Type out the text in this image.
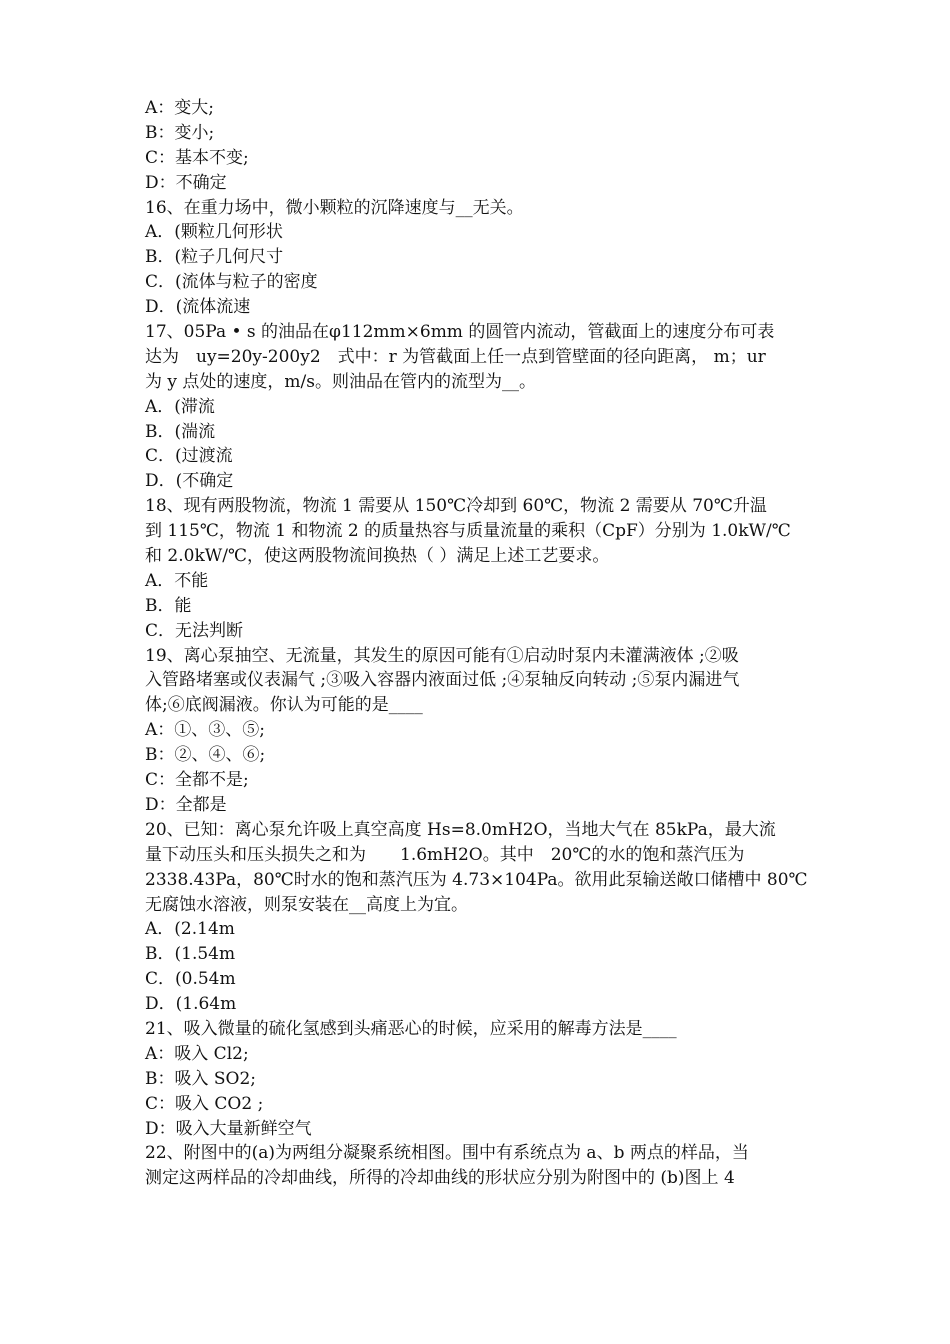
A：变大;
B：变小;
C：基本不变;
D：不确定
16、在重力场中，微小颗粒的沉降速度与__无关。
A．(颗粒几何形状
B．(粒子几何尺寸
C．(流体与粒子的密度
D．(流体流速
17、05Pa • s 的油品在φ112mm×6mm 的圆管内流动，管截面上的速度分布可表
达为　uy=20y-200y2　式中：r 为管截面上任一点到管壁面的径向距离， m；ur
为 y 点处的速度，m/s。则油品在管内的流型为__。
A．(滞流
B．(湍流
C．(过渡流
D．(不确定
18、现有两股物流，物流 1 需要从 150℃冷却到 60℃，物流 2 需要从 70℃升温
到 115℃，物流 1 和物流 2 的质量热容与质量流量的乘积（CpF）分别为 1.0kW/℃
和 2.0kW/℃，使这两股物流间换热（ ）满足上述工艺要求。
A．不能
B．能
C．无法判断
19、离心泵抽空、无流量，其发生的原因可能有①启动时泵内未灌满液体 ;②吸
入管路堵塞或仪表漏气 ;③吸入容器内液面过低 ;④泵轴反向转动 ;⑤泵内漏进气
体;⑥底阀漏液。你认为可能的是____
A：①、③、⑤;
B：②、④、⑥;
C：全都不是;
D：全都是
20、已知：离心泵允许吸上真空高度 Hs=8.0mH2O，当地大气在 85kPa，最大流
量下动压头和压头损失之和为　　1.6mH2O。其中　20℃的水的饱和蒸汽压为
2338.43Pa，80℃时水的饱和蒸汽压为 4.73×104Pa。欲用此泵输送敞口储槽中 80℃
无腐蚀水溶液，则泵安装在__高度上为宜。
A．(2.14m
B．(1.54m
C．(0.54m
D．(1.64m
21、吸入微量的硫化氢感到头痛恶心的时候，应采用的解毒方法是____
A：吸入 Cl2;
B：吸入 SO2;
C：吸入 CO2 ;
D：吸入大量新鲜空气
22、附图中的(a)为两组分凝聚系统相图。围中有系统点为 a、b 两点的样品，当
测定这两样品的冷却曲线，所得的冷却曲线的形状应分别为附图中的 (b)图上 4
